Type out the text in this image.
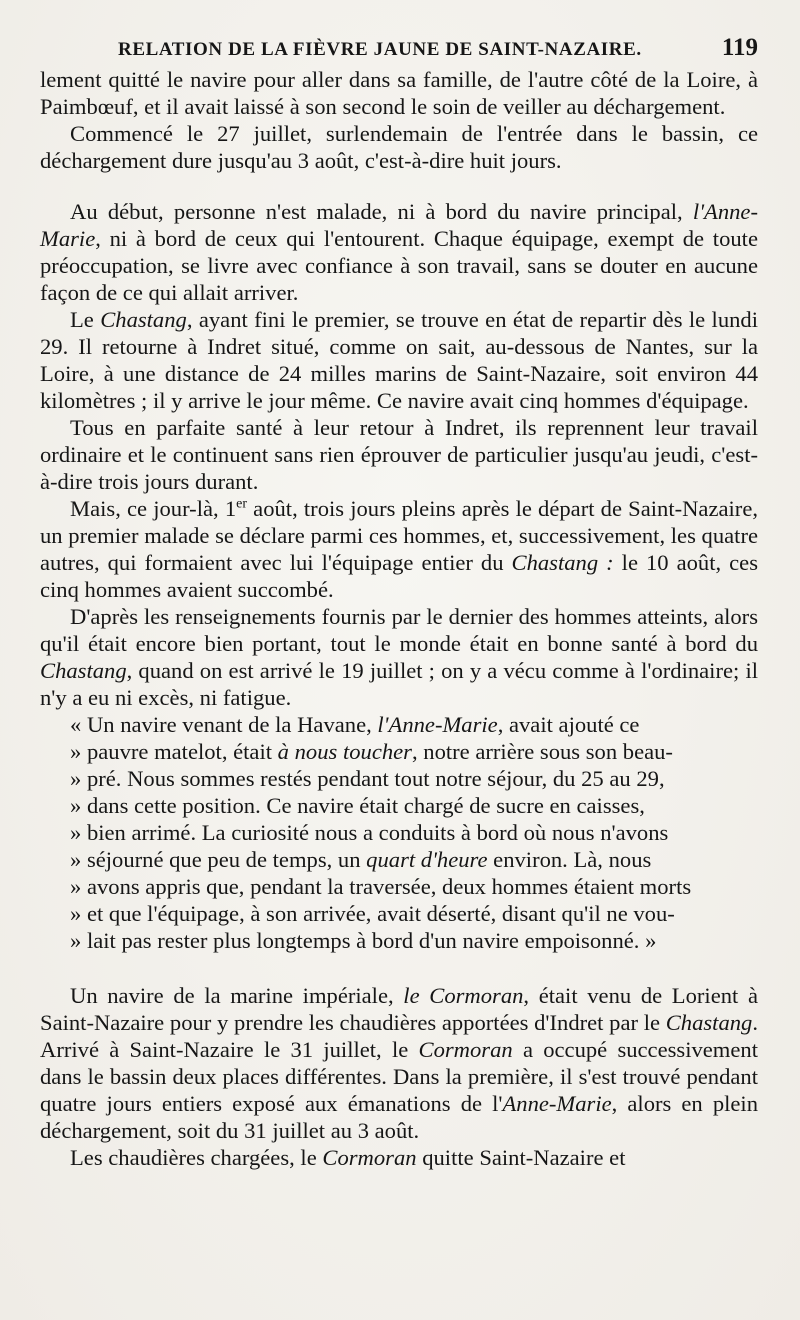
RELATION DE LA FIÈVRE JAUNE DE SAINT-NAZAIRE.	119

lement quitté le navire pour aller dans sa famille, de l'autre côté de la Loire, à Paimbœuf, et il avait laissé à son second le soin de veiller au déchargement.

Commencé le 27 juillet, surlendemain de l'entrée dans le bassin, ce déchargement dure jusqu'au 3 août, c'est-à-dire huit jours.

Au début, personne n'est malade, ni à bord du navire principal, l'Anne-Marie, ni à bord de ceux qui l'entourent. Chaque équipage, exempt de toute préoccupation, se livre avec confiance à son travail, sans se douter en aucune façon de ce qui allait arriver.

Le Chastang, ayant fini le premier, se trouve en état de repartir dès le lundi 29. Il retourne à Indret situé, comme on sait, au-dessous de Nantes, sur la Loire, à une distance de 24 milles marins de Saint-Nazaire, soit environ 44 kilomètres ; il y arrive le jour même. Ce navire avait cinq hommes d'équipage.

Tous en parfaite santé à leur retour à Indret, ils reprennent leur travail ordinaire et le continuent sans rien éprouver de particulier jusqu'au jeudi, c'est-à-dire trois jours durant.

Mais, ce jour-là, 1er août, trois jours pleins après le départ de Saint-Nazaire, un premier malade se déclare parmi ces hommes, et, successivement, les quatre autres, qui formaient avec lui l'équipage entier du Chastang : le 10 août, ces cinq hommes avaient succombé.

D'après les renseignements fournis par le dernier des hommes atteints, alors qu'il était encore bien portant, tout le monde était en bonne santé à bord du Chastang, quand on est arrivé le 19 juillet ; on y a vécu comme à l'ordinaire; il n'y a eu ni excès, ni fatigue.

« Un navire venant de la Havane, l'Anne-Marie, avait ajouté ce

» pauvre matelot, était à nous toucher, notre arrière sous son beau-

» pré. Nous sommes restés pendant tout notre séjour, du 25 au 29,

» dans cette position. Ce navire était chargé de sucre en caisses,

» bien arrimé. La curiosité nous a conduits à bord où nous n'avons

» séjourné que peu de temps, un quart d'heure environ. Là, nous

» avons appris que, pendant la traversée, deux hommes étaient morts

» et que l'équipage, à son arrivée, avait déserté, disant qu'il ne vou-

» lait pas rester plus longtemps à bord d'un navire empoisonné. »

Un navire de la marine impériale, le Cormoran, était venu de Lorient à Saint-Nazaire pour y prendre les chaudières apportées d'Indret par le Chastang. Arrivé à Saint-Nazaire le 31 juillet, le Cormoran a occupé successivement dans le bassin deux places différentes. Dans la première, il s'est trouvé pendant quatre jours entiers exposé aux émanations de l'Anne-Marie, alors en plein déchargement, soit du 31 juillet au 3 août.

Les chaudières chargées, le Cormoran quitte Saint-Nazaire et
